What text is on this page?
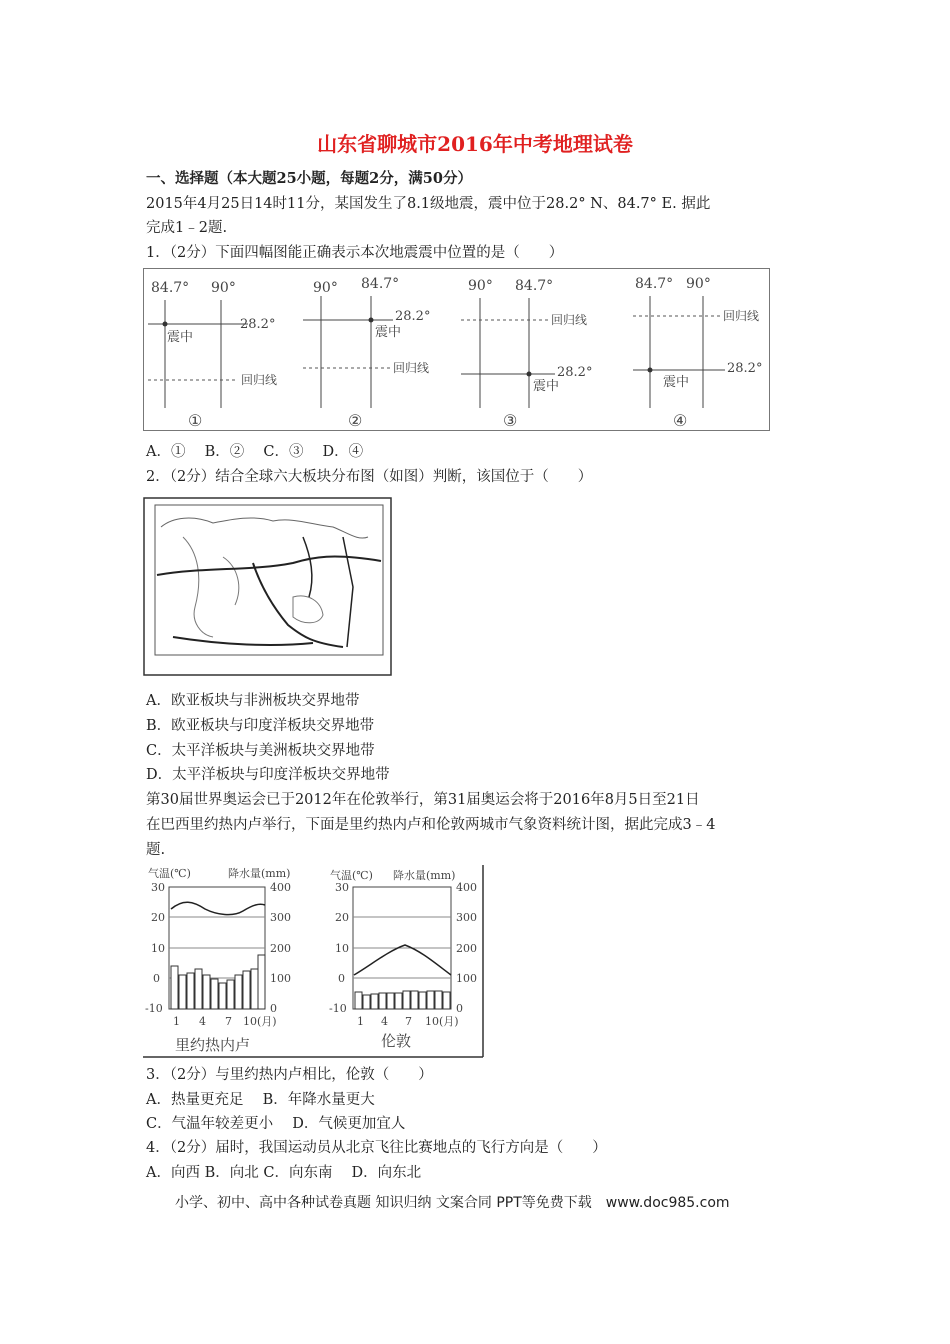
山东省聊城市2016年中考地理试卷
一、选择题（本大题25小题，每题2分，满50分）
2015年4月25日14时11分，某国发生了8.1级地震，震中位于28.2° N、84.7° E. 据此
完成1﹣2题.
1．（2分）下面四幅图能正确表示本次地震震中位置的是（　　）
84.7° 90°
震中
28.2°
回归线
①
90° 84.7°
震中
28.2°
回归线
②
90° 84.7°
回归线
震中
28.2°
③
84.7° 90°
回归线
震中
28.2°
④
A．①　 B．②　 C．③　 D．④
2．（2分）结合全球六大板块分布图（如图）判断，该国位于（　　）
A．欧亚板块与非洲板块交界地带
B．欧亚板块与印度洋板块交界地带
C．太平洋板块与美洲板块交界地带
D．太平洋板块与印度洋板块交界地带
第30届世界奥运会已于2012年在伦敦举行，第31届奥运会将于2016年8月5日至21日
在巴西里约热内卢举行，下面是里约热内卢和伦敦两城市气象资料统计图，据此完成3﹣4
题.
气温(℃)	降水量(mm)
30
20
10
0
-10
400
300
200
100
0
1 4 7 10(月)
里约热内卢
气温(℃) 降水量(mm)
30
20
10
0
-10
400
300
200
100
0
1 4 7 10(月)
伦敦
3．（2分）与里约热内卢相比，伦敦（　　）
A．热量更充足　 B．年降水量更大
C．气温年较差更小　 D．气候更加宜人
4．（2分）届时，我国运动员从北京飞往比赛地点的飞行方向是（　　）
A．向西 B．向北 C．向东南　 D．向东北
小学、初中、高中各种试卷真题 知识归纳 文案合同 PPT等免费下载　www.doc985.com
